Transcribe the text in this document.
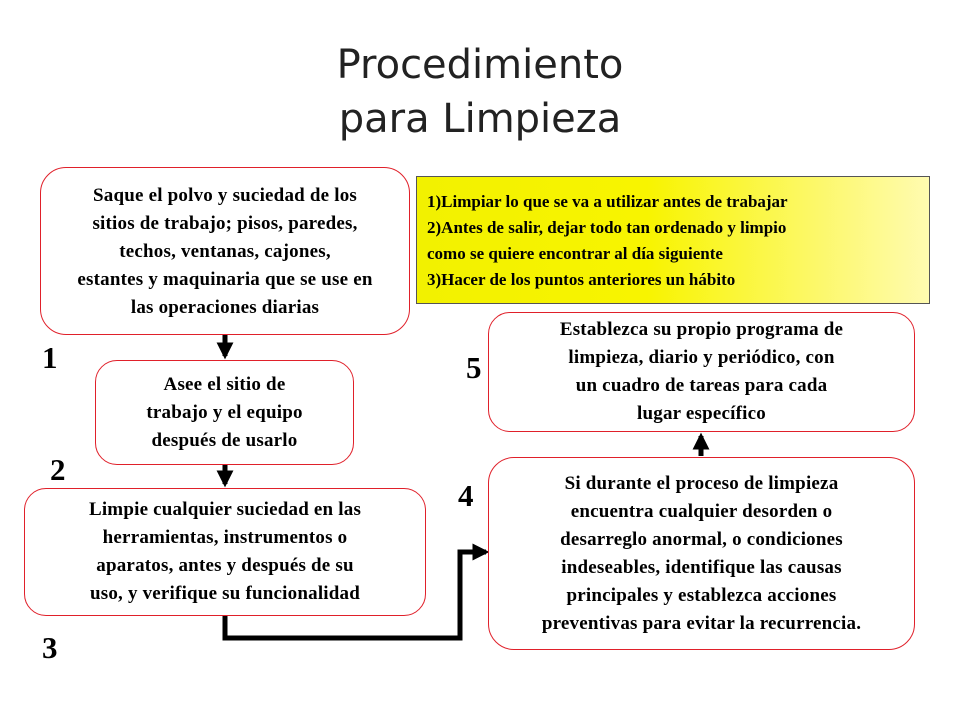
Procedimiento
para Limpieza
Saque el polvo y suciedad de los
sitios de trabajo; pisos, paredes,
techos, ventanas, cajones,
estantes y maquinaria que se use en
las operaciones diarias
Asee el sitio de
trabajo y el equipo
después de usarlo
Limpie cualquier suciedad en las
herramientas, instrumentos o
aparatos, antes y después de su
uso, y verifique su funcionalidad
Si durante el proceso de limpieza
encuentra cualquier desorden o
desarreglo anormal, o condiciones
indeseables, identifique las causas
principales y establezca acciones
preventivas para evitar la recurrencia.
Establezca su propio programa de
limpieza, diario y periódico, con
un cuadro de tareas para cada
lugar específico
1)Limpiar lo que se va a utilizar antes de trabajar
2)Antes de salir, dejar todo tan ordenado y limpio
como se quiere encontrar al día siguiente
3)Hacer de los puntos anteriores un hábito
1
2
3
4
5
